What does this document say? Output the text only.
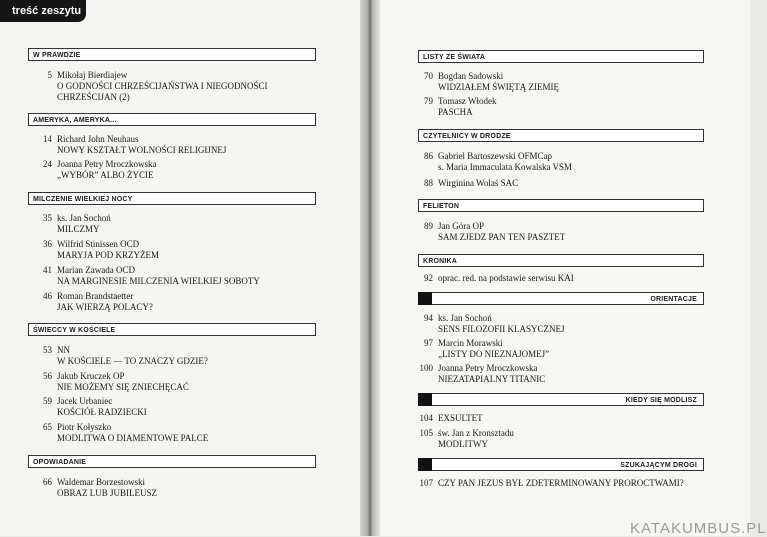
treść zeszytu
W PRAWDZIE
5 Mikołaj Bierdiajew
O GODNOŚCI CHRZEŚCIJAŃSTWA I NIEGODNOŚCI
CHRZEŚCIJAN (2)
AMERYKA, AMERYKA...
14 Richard John Neuhaus
NOWY KSZTAŁT WOLNOŚCI RELIGIJNEJ
24 Joanna Petry Mroczkowska
„WYBÓR” ALBO ŻYCIE
MILCZENIE WIELKIEJ NOCY
35 ks. Jan Sochoń
MILCZMY
36 Wilfrid Stinissen OCD
MARYJA POD KRZYŻEM
41 Marian Zawada OCD
NA MARGINESIE MILCZENIA WIELKIEJ SOBOTY
46 Roman Brandstaetter
JAK WIERZĄ POLACY?
ŚWIECCY W KOŚCIELE
53 NN
W KOŚCIELE — TO ZNACZY GDZIE?
56 Jakub Kruczek OP
NIE MOŻEMY SIĘ ZNIECHĘCAĆ
59 Jacek Urbaniec
KOŚCIÓŁ RADZIECKI
65 Piotr Kołyszko
MODLITWA O DIAMENTOWE PALCE
OPOWIADANIE
66 Waldemar Borzestowski
OBRAZ LUB JUBILEUSZ
LISTY ZE ŚWIATA
70 Bogdan Sadowski
WIDZIAŁEM ŚWIĘTĄ ZIEMIĘ
79 Tomasz Włodek
PASCHA
CZYTELNICY W DRODZE
86 Gabriel Bartoszewski OFMCap
s. Maria Immaculata Kowalska VSM
88 Wirginina Wolaś SAC
FELIETON
89 Jan Góra OP
SAM ZJEDZ PAN TEN PASZTET
KRONIKA
92 oprac. red. na podstawie serwisu KAI
ORIENTACJE
94 ks. Jan Sochoń
SENS FILOZOFII KLASYCZNEJ
97 Marcin Morawski
„LISTY DO NIEZNAJOMEJ”
100 Joanna Petry Mroczkowska
NIEZATAPIALNY TITANIC
KIEDY SIĘ MODLISZ
104 EXSULTET
105 św. Jan z Kronsztadu
MODLITWY
SZUKAJĄCYM DROGI
107 CZY PAN JEZUS BYŁ ZDETERMINOWANY PROROCTWAMI?
KATAKUMBUS.PL
